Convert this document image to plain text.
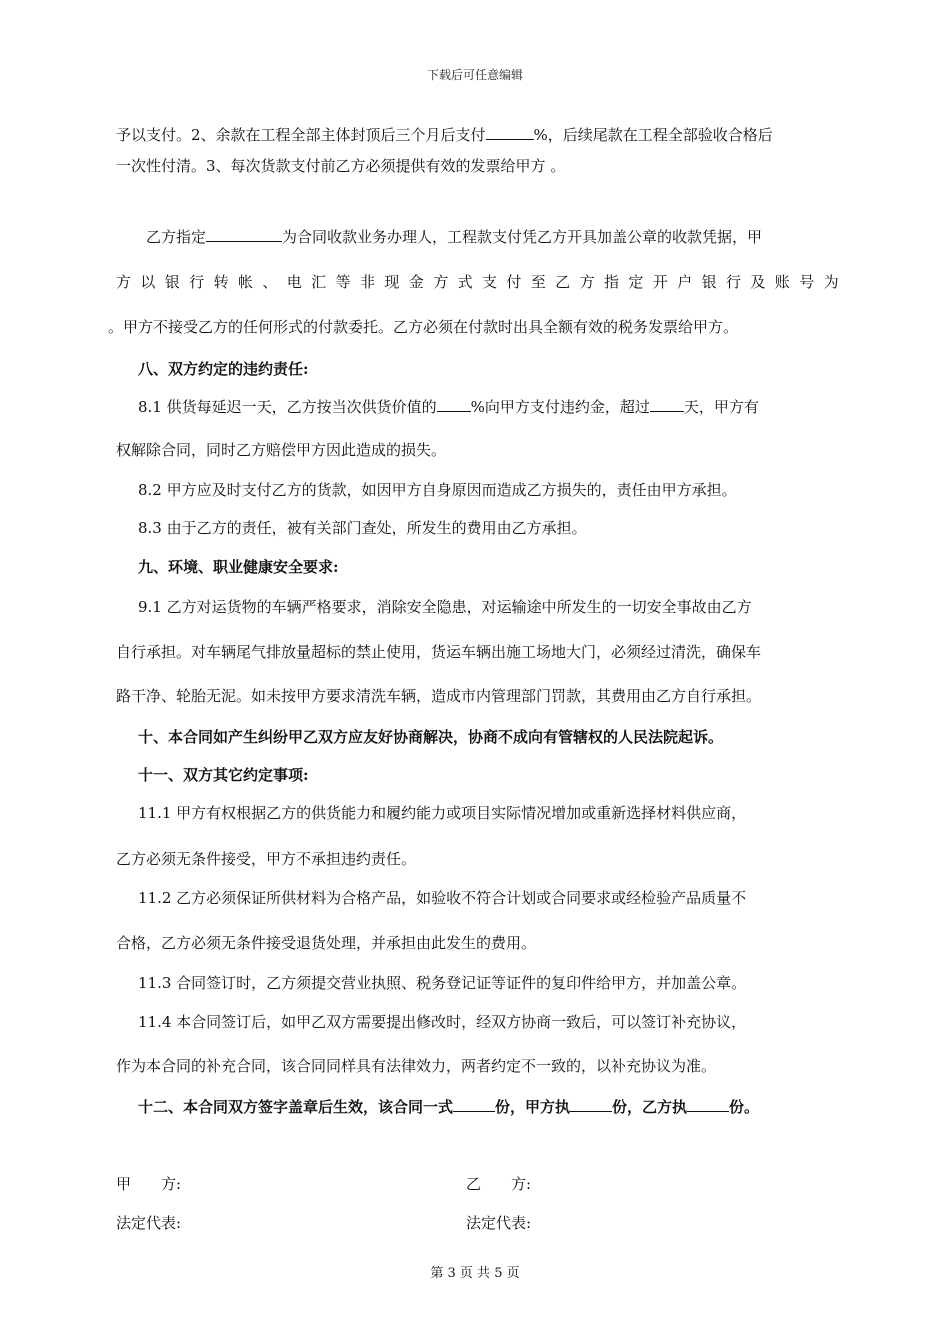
下载后可任意编辑
予以支付。2、余款在工程全部主体封顶后三个月后支付	%，后续尾款在工程全部验收合格后
一次性付清。3、每次货款支付前乙方必须提供有效的发票给甲方 。
乙方指定	为合同收款业务办理人，工程款支付凭乙方开具加盖公章的收款凭据，甲
方以银行转帐、电汇等非现金方式支付至乙方指定开户银行及账号为
。甲方不接受乙方的任何形式的付款委托。乙方必须在付款时出具全额有效的税务发票给甲方。
八、双方约定的违约责任:
8.1 供货每延迟一天，乙方按当次供货价值的 %向甲方支付违约金，超过 天，甲方有
权解除合同，同时乙方赔偿甲方因此造成的损失。
8.2 甲方应及时支付乙方的货款，如因甲方自身原因而造成乙方损失的，责任由甲方承担。
8.3 由于乙方的责任，被有关部门查处，所发生的费用由乙方承担。
九、环境、职业健康安全要求:
9.1 乙方对运货物的车辆严格要求，消除安全隐患，对运输途中所发生的一切安全事故由乙方
自行承担。对车辆尾气排放量超标的禁止使用，货运车辆出施工场地大门，必须经过清洗，确保车
路干净、轮胎无泥。如未按甲方要求清洗车辆，造成市内管理部门罚款，其费用由乙方自行承担。
十、本合同如产生纠纷甲乙双方应友好协商解决，协商不成向有管辖权的人民法院起诉。
十一、双方其它约定事项:
11.1 甲方有权根据乙方的供货能力和履约能力或项目实际情况增加或重新选择材料供应商，
乙方必须无条件接受，甲方不承担违约责任。
11.2 乙方必须保证所供材料为合格产品，如验收不符合计划或合同要求或经检验产品质量不
合格，乙方必须无条件接受退货处理，并承担由此发生的费用。
11.3 合同签订时，乙方须提交营业执照、税务登记证等证件的复印件给甲方，并加盖公章。
11.4 本合同签订后，如甲乙双方需要提出修改时，经双方协商一致后，可以签订补充协议，
作为本合同的补充合同，该合同同样具有法律效力，两者约定不一致的，以补充协议为准。
十二、本合同双方签字盖章后生效，该合同一式	份，甲方执	份，乙方执	份。
甲　　方:	乙　　方:
法定代表:	法定代表:
第 3 页 共 5 页
